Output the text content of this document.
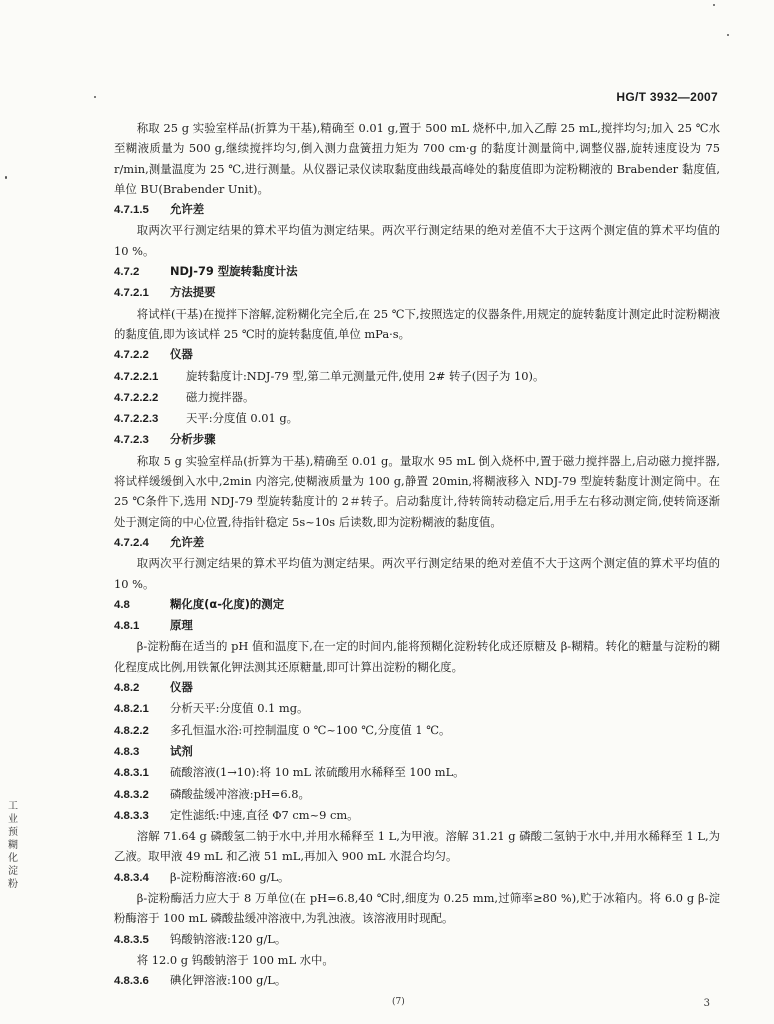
HG/T 3932—2007

称取 25 g 实验室样品(折算为干基),精确至 0.01 g,置于 500 mL 烧杯中,加入乙醇 25 mL,搅拌均匀;加入 25 ℃水至糊液质量为 500 g,继续搅拌均匀,倒入测力盘簧扭力矩为 700 cm·g 的黏度计测量筒中,调整仪器,旋转速度设为 75 r/min,测量温度为 25 ℃,进行测量。从仪器记录仪读取黏度曲线最高峰处的黏度值即为淀粉糊液的 Brabender 黏度值,单位 BU(Brabender Unit)。

4.7.1.5 允许差

取两次平行测定结果的算术平均值为测定结果。两次平行测定结果的绝对差值不大于这两个测定值的算术平均值的 10 %。

4.7.2	NDJ-79 型旋转黏度计法
4.7.2.1 方法提要

将试样(干基)在搅拌下溶解,淀粉糊化完全后,在 25 ℃下,按照选定的仪器条件,用规定的旋转黏度计测定此时淀粉糊液的黏度值,即为该试样 25 ℃时的旋转黏度值,单位 mPa·s。

4.7.2.2 仪器
4.7.2.2.1 旋转黏度计:NDJ-79 型,第二单元测量元件,使用 2# 转子(因子为 10)。
4.7.2.2.2 磁力搅拌器。
4.7.2.2.3 天平:分度值 0.01 g。
4.7.2.3 分析步骤

称取 5 g 实验室样品(折算为干基),精确至 0.01 g。量取水 95 mL 倒入烧杯中,置于磁力搅拌器上,启动磁力搅拌器,将试样缓缓倒入水中,2min 内溶完,使糊液质量为 100 g,静置 20min,将糊液移入 NDJ-79 型旋转黏度计测定筒中。在 25 ℃条件下,选用 NDJ-79 型旋转黏度计的 2＃转子。启动黏度计,待转筒转动稳定后,用手左右移动测定筒,使转筒逐渐处于测定筒的中心位置,待指针稳定 5s~10s 后读数,即为淀粉糊液的黏度值。

4.7.2.4 允许差

取两次平行测定结果的算术平均值为测定结果。两次平行测定结果的绝对差值不大于这两个测定值的算术平均值的 10 %。

4.8	糊化度(α-化度)的测定
4.8.1	原理

β-淀粉酶在适当的 pH 值和温度下,在一定的时间内,能将预糊化淀粉转化成还原糖及 β-糊精。转化的糖量与淀粉的糊化程度成比例,用铁氰化钾法测其还原糖量,即可计算出淀粉的糊化度。

4.8.2	仪器
4.8.2.1 分析天平:分度值 0.1 mg。
4.8.2.2 多孔恒温水浴:可控制温度 0 ℃~100 ℃,分度值 1 ℃。
4.8.3	试剂
4.8.3.1 硫酸溶液(1→10):将 10 mL 浓硫酸用水稀释至 100 mL。
4.8.3.2 磷酸盐缓冲溶液:pH=6.8。
4.8.3.3 定性滤纸:中速,直径 Φ7 cm~9 cm。

溶解 71.64 g 磷酸氢二钠于水中,并用水稀释至 1 L,为甲液。溶解 31.21 g 磷酸二氢钠于水中,并用水稀释至 1 L,为乙液。取甲液 49 mL 和乙液 51 mL,再加入 900 mL 水混合均匀。

4.8.3.4 β-淀粉酶溶液:60 g/L。

β-淀粉酶活力应大于 8 万单位(在 pH=6.8,40 ℃时,细度为 0.25 mm,过筛率≥80 %),贮于冰箱内。将 6.0 g β-淀粉酶溶于 100 mL 磷酸盐缓冲溶液中,为乳浊液。该溶液用时现配。

4.8.3.5 钨酸钠溶液:120 g/L。

将 12.0 g 钨酸钠溶于 100 mL 水中。

4.8.3.6 碘化钾溶液:100 g/L。
工业预糊化淀粉
(7)	3
